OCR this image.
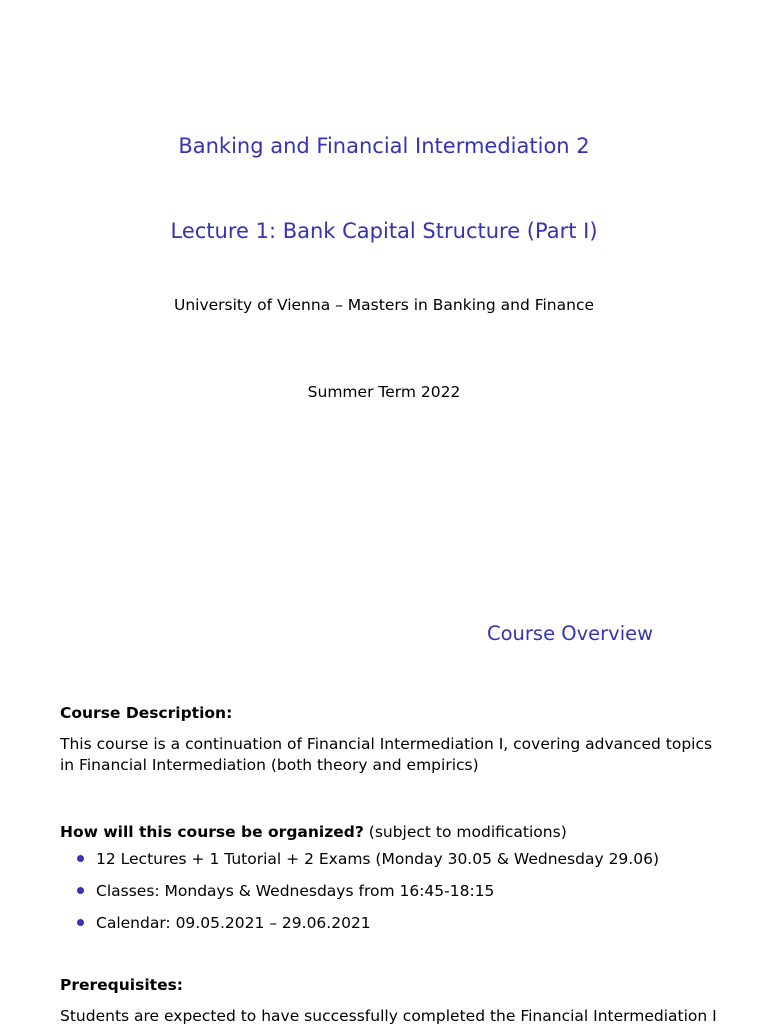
Banking and Financial Intermediation 2
Lecture 1: Bank Capital Structure (Part I)
University of Vienna – Masters in Banking and Finance
Summer Term 2022
Course Overview
Course Description:
This course is a continuation of Financial Intermediation I, covering advanced topics in Financial Intermediation (both theory and empirics)
How will this course be organized? (subject to modifications)
12 Lectures + 1 Tutorial + 2 Exams (Monday 30.05 & Wednesday 29.06)
Classes: Mondays & Wednesdays from 16:45-18:15
Calendar: 09.05.2021 – 29.06.2021
Prerequisites:
Students are expected to have successfully completed the Financial Intermediation I
